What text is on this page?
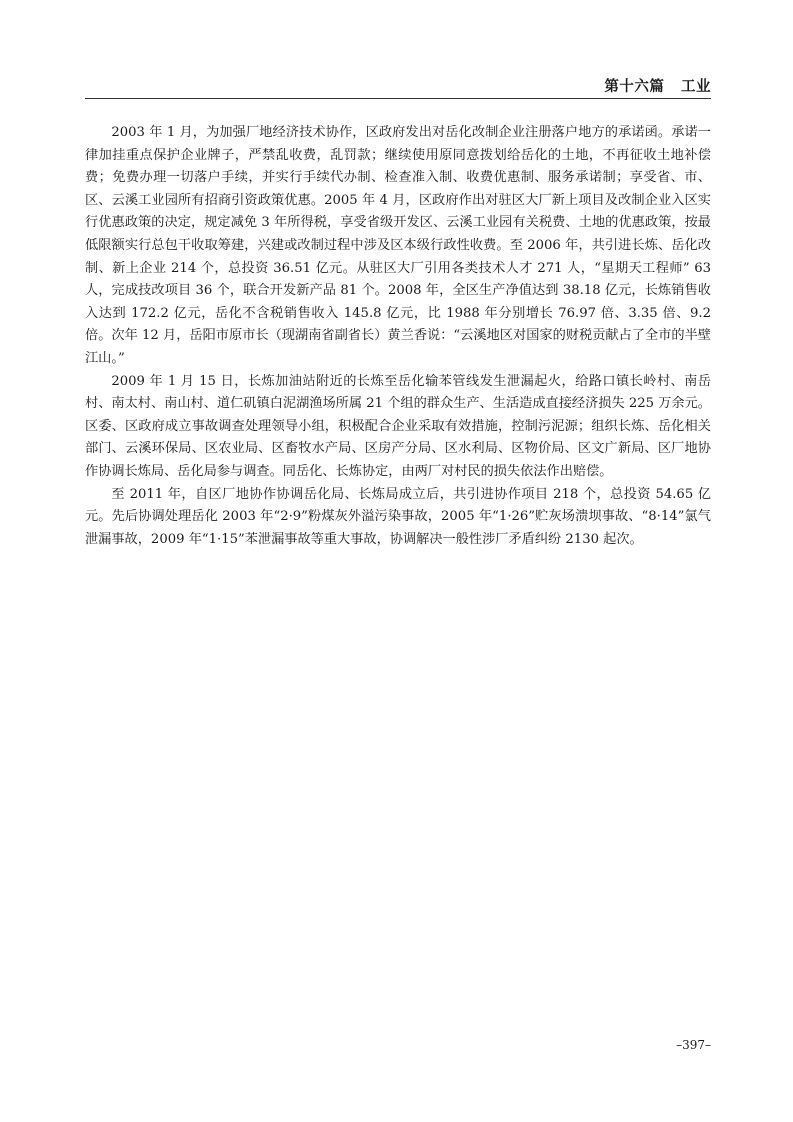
第十六篇   工业

2003 年 1 月，为加强厂地经济技术协作，区政府发出对岳化改制企业注册落户地方的承诺函。承诺一律加挂重点保护企业牌子，严禁乱收费，乱罚款；继续使用原同意拨划给岳化的土地，不再征收土地补偿费；免费办理一切落户手续，并实行手续代办制、检查准入制、收费优惠制、服务承诺制；享受省、市、区、云溪工业园所有招商引资政策优惠。2005 年 4 月，区政府作出对驻区大厂新上项目及改制企业入区实行优惠政策的决定，规定减免 3 年所得税，享受省级开发区、云溪工业园有关税费、土地的优惠政策，按最低限额实行总包干收取筹建，兴建或改制过程中涉及区本级行政性收费。至 2006 年，共引进长炼、岳化改制、新上企业 214 个，总投资 36.51 亿元。从驻区大厂引用各类技术人才 271 人，“星期天工程师” 63 人，完成技改项目 36 个，联合开发新产品 81 个。2008 年，全区生产净值达到 38.18 亿元，长炼销售收入达到 172.2 亿元，岳化不含税销售收入 145.8 亿元，比 1988 年分别增长 76.97 倍、3.35 倍、9.2 倍。次年 12 月，岳阳市原市长（现湖南省副省长）黄兰香说：“云溪地区对国家的财税贡献占了全市的半壁江山。”

2009 年 1 月 15 日，长炼加油站附近的长炼至岳化输苯管线发生泄漏起火，给路口镇长岭村、南岳村、南太村、南山村、道仁矶镇白泥湖渔场所属 21 个组的群众生产、生活造成直接经济损失 225 万余元。区委、区政府成立事故调查处理领导小组，积极配合企业采取有效措施，控制污泥源；组织长炼、岳化相关部门、云溪环保局、区农业局、区畜牧水产局、区房产分局、区水利局、区物价局、区文广新局、区厂地协作协调长炼局、岳化局参与调查。同岳化、长炼协定，由两厂对村民的损失依法作出赔偿。

至 2011 年，自区厂地协作协调岳化局、长炼局成立后，共引进协作项目 218 个，总投资 54.65 亿元。先后协调处理岳化 2003 年“2·9”粉煤灰外溢污染事故，2005 年“1·26”贮灰场溃坝事故、“8·14”氯气泄漏事故，2009 年“1·15”苯泄漏事故等重大事故，协调解决一般性涉厂矛盾纠纷 2130 起次。

–397–
